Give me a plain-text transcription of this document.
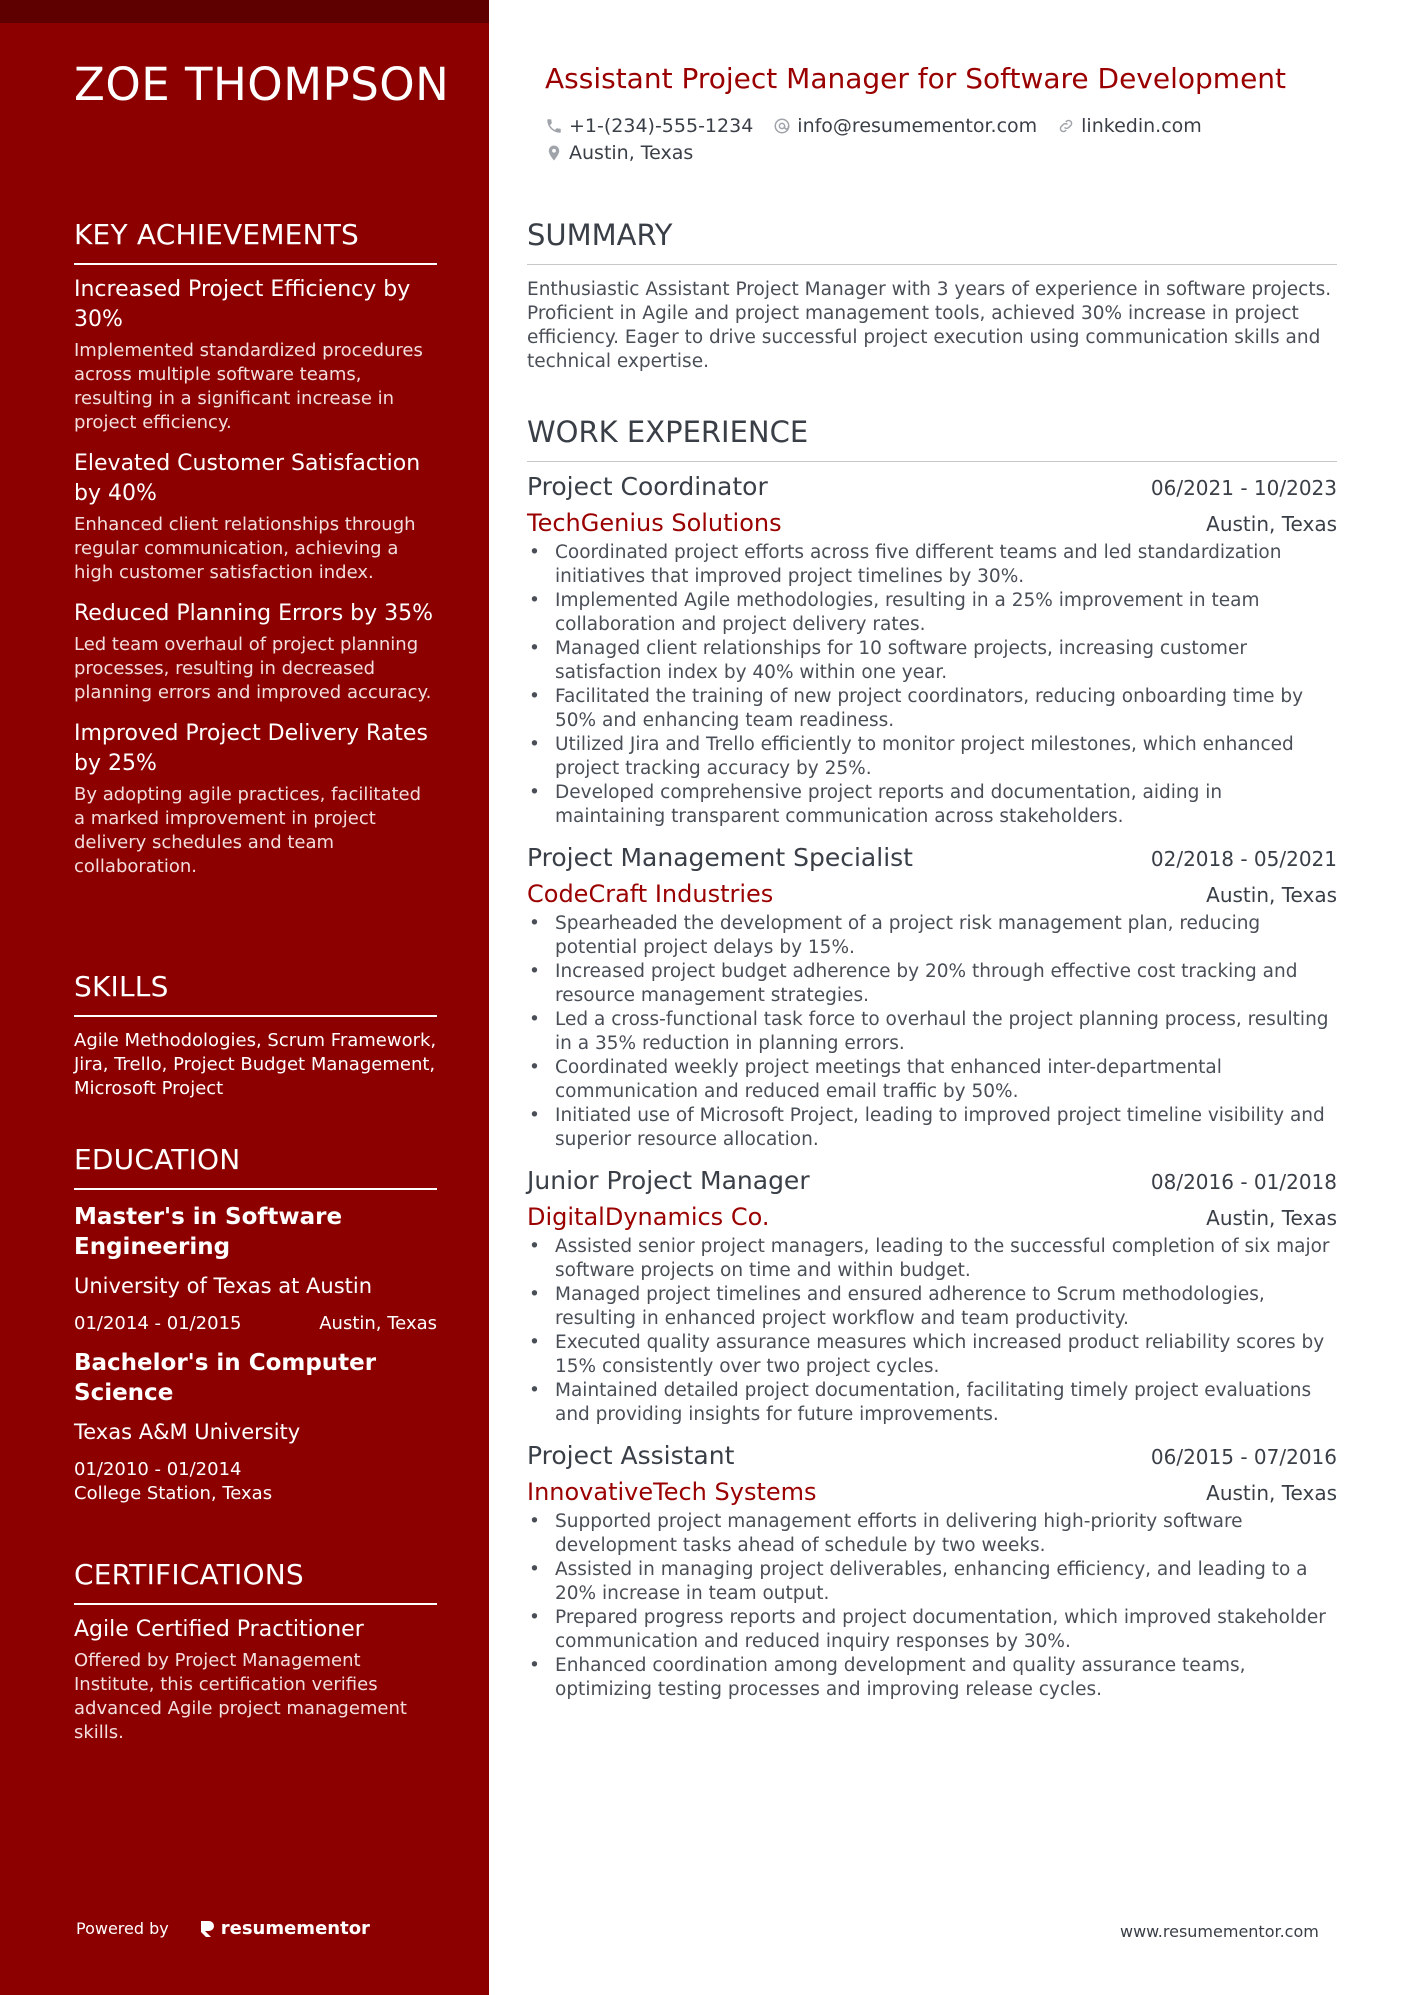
ZOE THOMPSON
KEY ACHIEVEMENTS
Increased Project Efficiency by 30%
Implemented standardized procedures across multiple software teams, resulting in a significant increase in project efficiency.
Elevated Customer Satisfaction by 40%
Enhanced client relationships through regular communication, achieving a high customer satisfaction index.
Reduced Planning Errors by 35%
Led team overhaul of project planning processes, resulting in decreased planning errors and improved accuracy.
Improved Project Delivery Rates by 25%
By adopting agile practices, facilitated a marked improvement in project delivery schedules and team collaboration.
SKILLS
Agile Methodologies, Scrum Framework, Jira, Trello, Project Budget Management, Microsoft Project
EDUCATION
Master's in Software Engineering
University of Texas at Austin
01/2014 - 01/2015	Austin, Texas
Bachelor's in Computer Science
Texas A&M University
01/2010 - 01/2014
College Station, Texas
CERTIFICATIONS
Agile Certified Practitioner
Offered by Project Management Institute, this certification verifies advanced Agile project management skills.
Powered by	resumementor
Assistant Project Manager for Software Development
+1-(234)-555-1234 info@resumementor.com linkedin.com
Austin, Texas
SUMMARY
Enthusiastic Assistant Project Manager with 3 years of experience in software projects. Proficient in Agile and project management tools, achieved 30% increase in project efficiency. Eager to drive successful project execution using communication skills and technical expertise.
WORK EXPERIENCE
Project Coordinator	06/2021 - 10/2023
TechGenius Solutions	Austin, Texas
• Coordinated project efforts across five different teams and led standardization initiatives that improved project timelines by 30%.
• Implemented Agile methodologies, resulting in a 25% improvement in team collaboration and project delivery rates.
• Managed client relationships for 10 software projects, increasing customer satisfaction index by 40% within one year.
• Facilitated the training of new project coordinators, reducing onboarding time by 50% and enhancing team readiness.
• Utilized Jira and Trello efficiently to monitor project milestones, which enhanced project tracking accuracy by 25%.
• Developed comprehensive project reports and documentation, aiding in maintaining transparent communication across stakeholders.
Project Management Specialist	02/2018 - 05/2021
CodeCraft Industries	Austin, Texas
• Spearheaded the development of a project risk management plan, reducing potential project delays by 15%.
• Increased project budget adherence by 20% through effective cost tracking and resource management strategies.
• Led a cross-functional task force to overhaul the project planning process, resulting in a 35% reduction in planning errors.
• Coordinated weekly project meetings that enhanced inter-departmental communication and reduced email traffic by 50%.
• Initiated use of Microsoft Project, leading to improved project timeline visibility and superior resource allocation.
Junior Project Manager	08/2016 - 01/2018
DigitalDynamics Co.	Austin, Texas
• Assisted senior project managers, leading to the successful completion of six major software projects on time and within budget.
• Managed project timelines and ensured adherence to Scrum methodologies, resulting in enhanced project workflow and team productivity.
• Executed quality assurance measures which increased product reliability scores by 15% consistently over two project cycles.
• Maintained detailed project documentation, facilitating timely project evaluations and providing insights for future improvements.
Project Assistant	06/2015 - 07/2016
InnovativeTech Systems	Austin, Texas
• Supported project management efforts in delivering high-priority software development tasks ahead of schedule by two weeks.
• Assisted in managing project deliverables, enhancing efficiency, and leading to a 20% increase in team output.
• Prepared progress reports and project documentation, which improved stakeholder communication and reduced inquiry responses by 30%.
• Enhanced coordination among development and quality assurance teams, optimizing testing processes and improving release cycles.
www.resumementor.com
